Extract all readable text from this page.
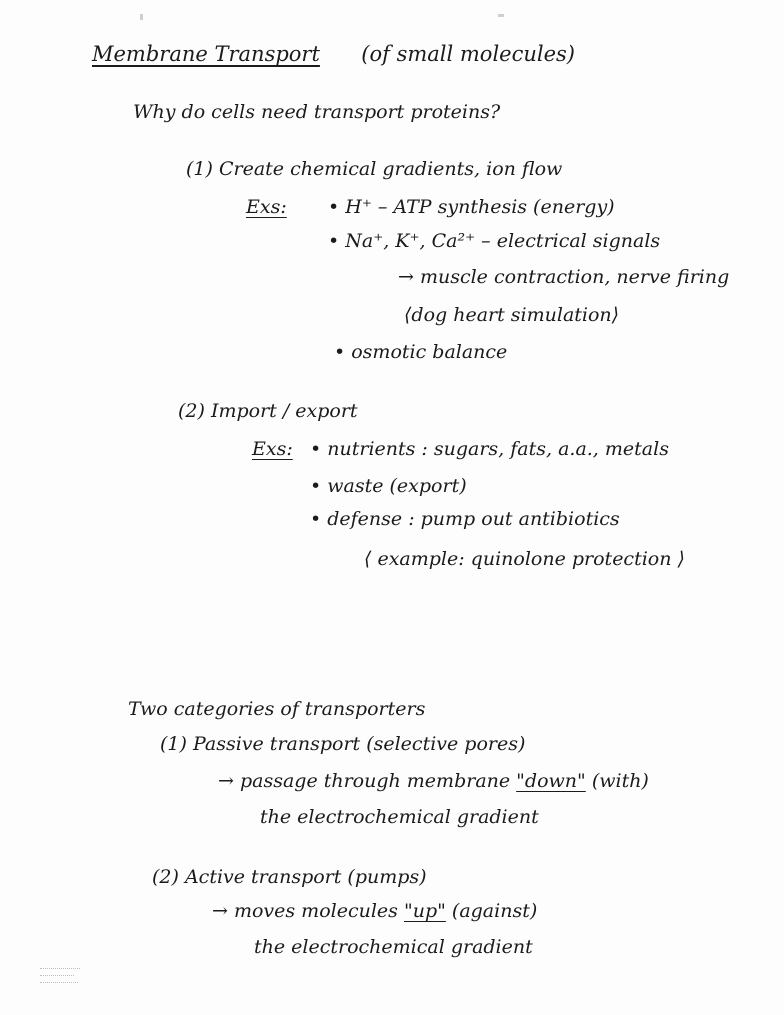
Membrane Transport (of small molecules)
Why do cells need transport proteins?
(1) Create chemical gradients, ion flow
Exs: • H⁺ – ATP synthesis (energy)
• Na⁺, K⁺, Ca²⁺ – electrical signals
→ muscle contraction, nerve firing
⟨dog heart simulation⟩
• osmotic balance
(2) Import / export
Exs: • nutrients : sugars, fats, a.a., metals
• waste (export)
• defense : pump out antibiotics
⟨ example: quinolone protection ⟩
Two categories of transporters
(1) Passive transport (selective pores)
→ passage through membrane "down" (with)
the electrochemical gradient
(2) Active transport (pumps)
→ moves molecules "up" (against)
the electrochemical gradient
